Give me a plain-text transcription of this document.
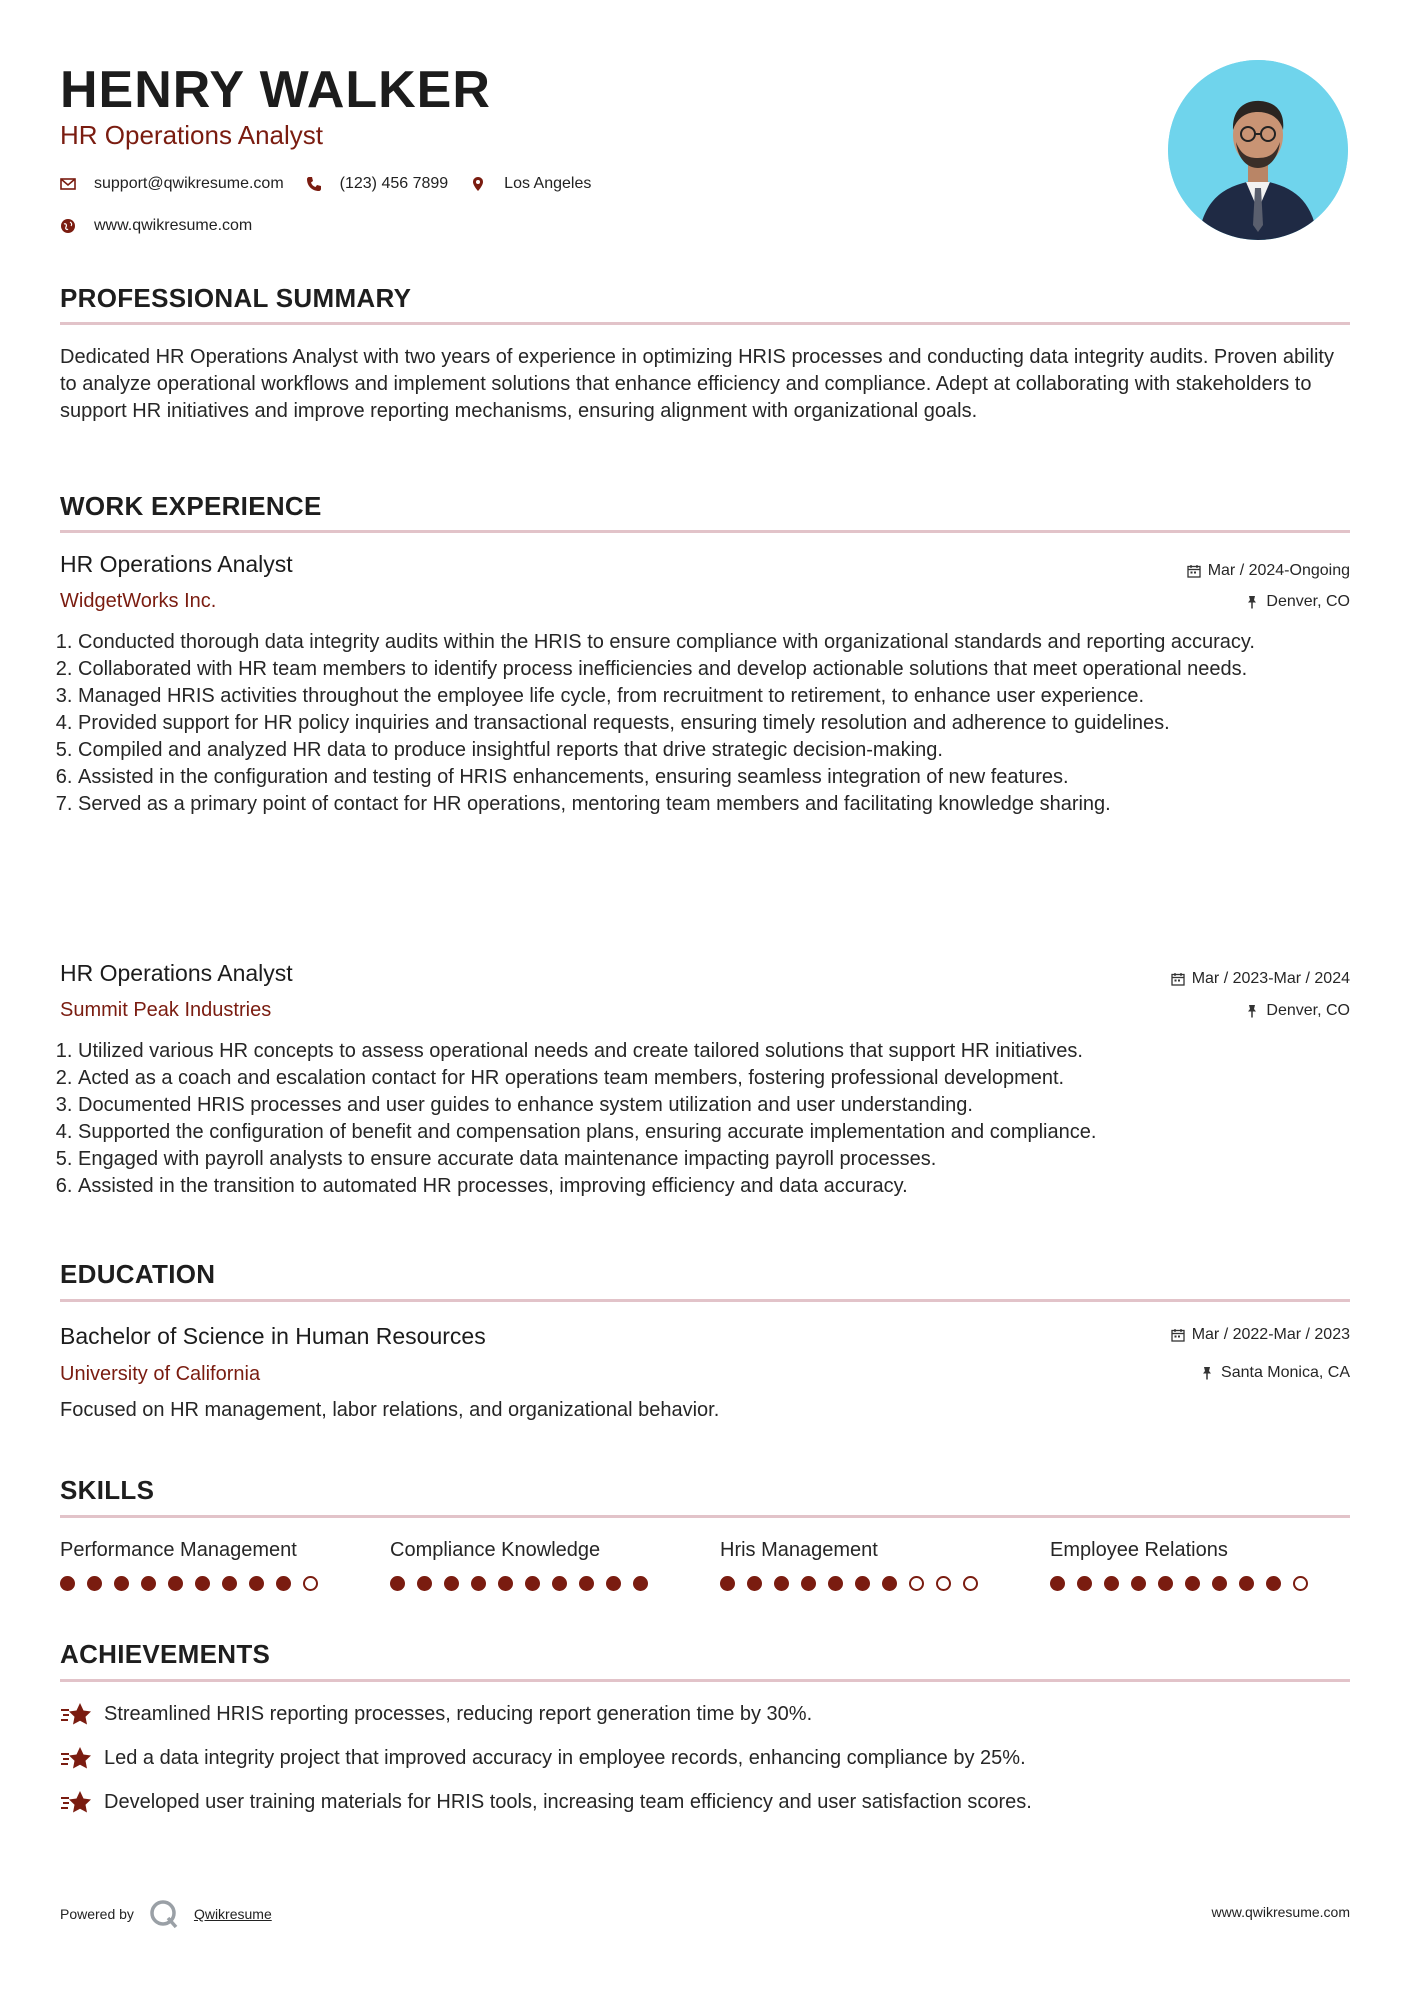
HENRY WALKER
HR Operations Analyst
support@qwikresume.com	(123) 456 7899	Los Angeles
www.qwikresume.com
PROFESSIONAL SUMMARY
Dedicated HR Operations Analyst with two years of experience in optimizing HRIS processes and conducting data integrity audits. Proven ability to analyze operational workflows and implement solutions that enhance efficiency and compliance. Adept at collaborating with stakeholders to support HR initiatives and improve reporting mechanisms, ensuring alignment with organizational goals.
WORK EXPERIENCE
HR Operations Analyst	Mar / 2024-Ongoing
WidgetWorks Inc.	Denver, CO
1. Conducted thorough data integrity audits within the HRIS to ensure compliance with organizational standards and reporting accuracy.
2. Collaborated with HR team members to identify process inefficiencies and develop actionable solutions that meet operational needs.
3. Managed HRIS activities throughout the employee life cycle, from recruitment to retirement, to enhance user experience.
4. Provided support for HR policy inquiries and transactional requests, ensuring timely resolution and adherence to guidelines.
5. Compiled and analyzed HR data to produce insightful reports that drive strategic decision-making.
6. Assisted in the configuration and testing of HRIS enhancements, ensuring seamless integration of new features.
7. Served as a primary point of contact for HR operations, mentoring team members and facilitating knowledge sharing.
HR Operations Analyst	Mar / 2023-Mar / 2024
Summit Peak Industries	Denver, CO
1. Utilized various HR concepts to assess operational needs and create tailored solutions that support HR initiatives.
2. Acted as a coach and escalation contact for HR operations team members, fostering professional development.
3. Documented HRIS processes and user guides to enhance system utilization and user understanding.
4. Supported the configuration of benefit and compensation plans, ensuring accurate implementation and compliance.
5. Engaged with payroll analysts to ensure accurate data maintenance impacting payroll processes.
6. Assisted in the transition to automated HR processes, improving efficiency and data accuracy.
EDUCATION
Bachelor of Science in Human Resources	Mar / 2022-Mar / 2023
University of California	Santa Monica, CA
Focused on HR management, labor relations, and organizational behavior.
SKILLS
Performance Management	Compliance Knowledge	Hris Management	Employee Relations
ACHIEVEMENTS
Streamlined HRIS reporting processes, reducing report generation time by 30%.
Led a data integrity project that improved accuracy in employee records, enhancing compliance by 25%.
Developed user training materials for HRIS tools, increasing team efficiency and user satisfaction scores.
Powered by	Qwikresume	www.qwikresume.com
